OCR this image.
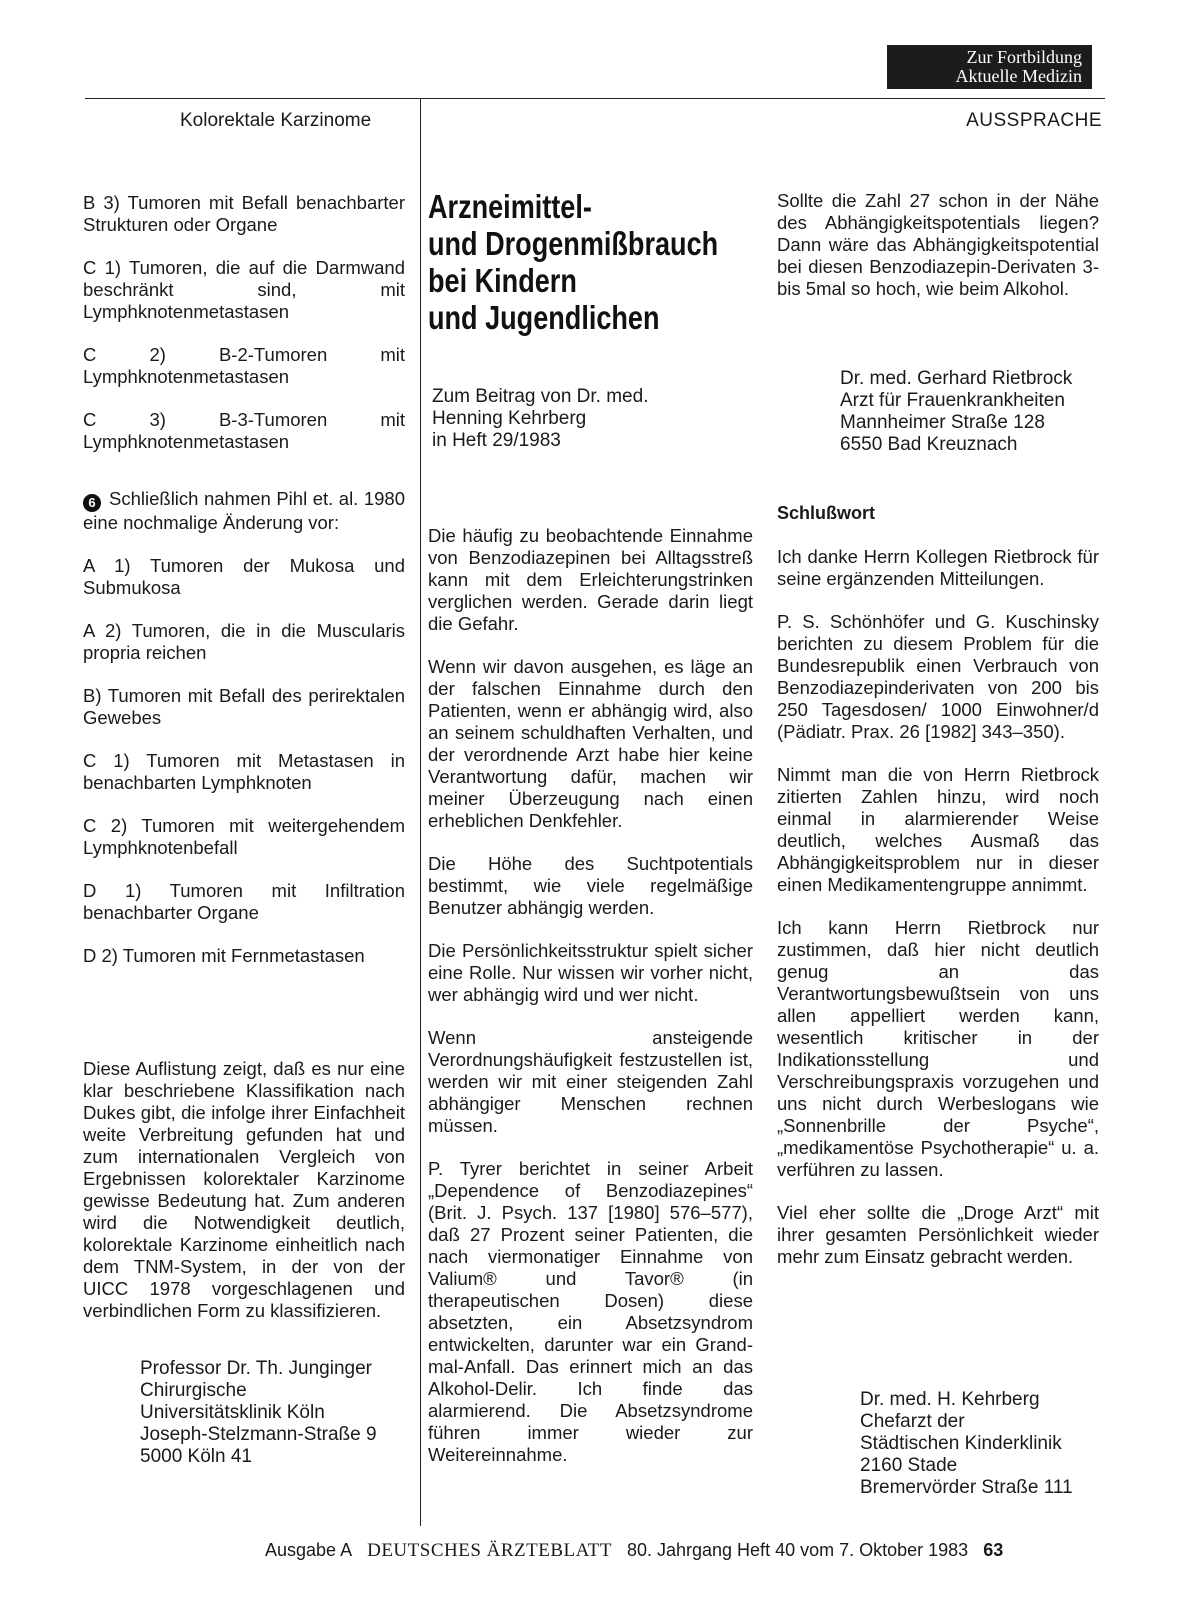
Zur Fortbildung
Aktuelle Medizin
Kolorektale Karzinome	AUSSPRACHE

B 3) Tumoren mit Befall benachbarter Strukturen oder Organe

C 1) Tumoren, die auf die Darmwand beschränkt sind, mit Lymphknotenmetastasen

C 2) B-2-Tumoren mit Lymphknotenmetastasen

C 3) B-3-Tumoren mit Lymphknotenmetastasen

6 Schließlich nahmen Pihl et. al. 1980 eine nochmalige Änderung vor:

A 1) Tumoren der Mukosa und Submukosa

A 2) Tumoren, die in die Muscularis propria reichen

B) Tumoren mit Befall des perirektalen Gewebes

C 1) Tumoren mit Metastasen in benachbarten Lymphknoten

C 2) Tumoren mit weitergehendem Lymphknotenbefall

D 1) Tumoren mit Infiltration benachbarter Organe

D 2) Tumoren mit Fernmetastasen

Diese Auflistung zeigt, daß es nur eine klar beschriebene Klassifikation nach Dukes gibt, die infolge ihrer Einfachheit weite Verbreitung gefunden hat und zum internationalen Vergleich von Ergebnissen kolorektaler Karzinome gewisse Bedeutung hat. Zum anderen wird die Notwendigkeit deutlich, kolorektale Karzinome einheitlich nach dem TNM-System, in der von der UICC 1978 vorgeschlagenen und verbindlichen Form zu klassifizieren.
Professor Dr. Th. Junginger
Chirurgische
Universitätsklinik Köln
Joseph-Stelzmann-Straße 9
5000 Köln 41
Arzneimittel-
und Drogenmißbrauch
bei Kindern
und Jugendlichen
Zum Beitrag von Dr. med.
Henning Kehrberg
in Heft 29/1983

Die häufig zu beobachtende Einnahme von Benzodiazepinen bei Alltagsstreß kann mit dem Erleichterungstrinken verglichen werden. Gerade darin liegt die Gefahr.

Wenn wir davon ausgehen, es läge an der falschen Einnahme durch den Patienten, wenn er abhängig wird, also an seinem schuldhaften Verhalten, und der verordnende Arzt habe hier keine Verantwortung dafür, machen wir meiner Überzeugung nach einen erheblichen Denkfehler.

Die Höhe des Suchtpotentials bestimmt, wie viele regelmäßige Benutzer abhängig werden.

Die Persönlichkeitsstruktur spielt sicher eine Rolle. Nur wissen wir vorher nicht, wer abhängig wird und wer nicht.

Wenn ansteigende Verordnungshäufigkeit festzustellen ist, werden wir mit einer steigenden Zahl abhängiger Menschen rechnen müssen.

P. Tyrer berichtet in seiner Arbeit „Dependence of Benzodiazepines“ (Brit. J. Psych. 137 [1980] 576–577), daß 27 Prozent seiner Patienten, die nach viermonatiger Einnahme von Valium® und Tavor® (in therapeutischen Dosen) diese absetzten, ein Absetzsyndrom entwickelten, darunter war ein Grand-mal-Anfall. Das erinnert mich an das Alkohol-Delir. Ich finde das alarmierend. Die Absetzsyndrome führen immer wieder zur Weitereinnahme.

Sollte die Zahl 27 schon in der Nähe des Abhängigkeitspotentials liegen? Dann wäre das Abhängigkeitspotential bei diesen Benzodiazepin-Derivaten 3- bis 5mal so hoch, wie beim Alkohol.
Dr. med. Gerhard Rietbrock
Arzt für Frauenkrankheiten
Mannheimer Straße 128
6550 Bad Kreuznach
Schlußwort

Ich danke Herrn Kollegen Rietbrock für seine ergänzenden Mitteilungen.

P. S. Schönhöfer und G. Kuschinsky berichten zu diesem Problem für die Bundesrepublik einen Verbrauch von Benzodiazepinderivaten von 200 bis 250 Tagesdosen/ 1000 Einwohner/d (Pädiatr. Prax. 26 [1982] 343–350).

Nimmt man die von Herrn Rietbrock zitierten Zahlen hinzu, wird noch einmal in alarmierender Weise deutlich, welches Ausmaß das Abhängigkeitsproblem nur in dieser einen Medikamentengruppe annimmt.

Ich kann Herrn Rietbrock nur zustimmen, daß hier nicht deutlich genug an das Verantwortungsbewußtsein von uns allen appelliert werden kann, wesentlich kritischer in der Indikationsstellung und Verschreibungspraxis vorzugehen und uns nicht durch Werbeslogans wie „Sonnenbrille der Psyche“, „medikamentöse Psychotherapie“ u. a. verführen zu lassen.

Viel eher sollte die „Droge Arzt“ mit ihrer gesamten Persönlichkeit wieder mehr zum Einsatz gebracht werden.

Dr. med. H. Kehrberg
Chefarzt der
Städtischen Kinderklinik
2160 Stade
Bremervörder Straße 111
Ausgabe A DEUTSCHES ÄRZTEBLATT 80. Jahrgang Heft 40 vom 7. Oktober 1983 63
